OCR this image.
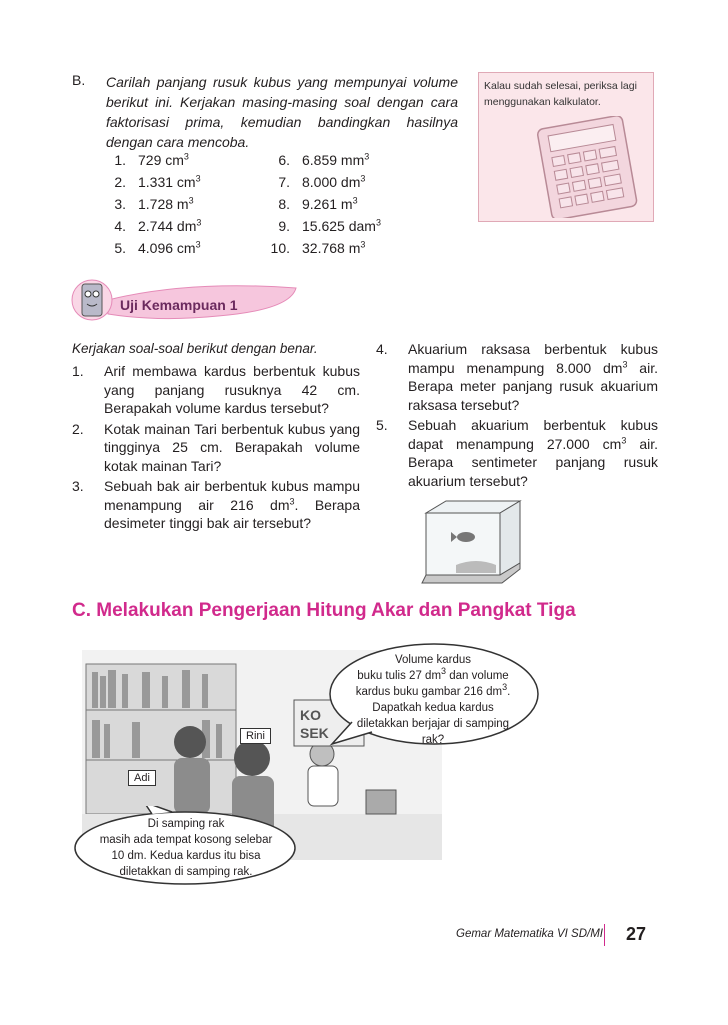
B.	Carilah panjang rusuk kubus yang mempunyai volume berikut ini. Kerjakan masing-masing soal dengan cara faktorisasi prima, kemudian bandingkan hasilnya dengan cara mencoba.
1. 729 $cm^3$
2. 1.331 $cm^3$
3. 1.728 $m^3$
4. 2.744 $dm^3$
5. 4.096 $cm^3$
6. 6.859 $mm^3$
7. 8.000 $dm^3$
8. 9.261 $m^3$
9. 15.625 dam$^3$
10. 32.768 $m^3$
Kalau sudah selesai, periksa lagi menggunakan kalkulator.
Uji Kemampuan 1
Kerjakan soal-soal berikut dengan benar.
1. Arif membawa kardus berbentuk kubus yang panjang rusuknya 42 cm. Berapakah volume kardus tersebut?
2. Kotak mainan Tari berbentuk kubus yang tingginya 25 cm. Berapakah volume kotak mainan Tari?
3. Sebuah bak air berbentuk kubus mampu menampung air 216 $dm^3$. Berapa desimeter tinggi bak air tersebut?
4. Akuarium raksasa berbentuk kubus mampu menampung 8.000 $dm^3$ air. Berapa meter panjang rusuk akuarium raksasa tersebut?
5. Sebuah akuarium berbentuk kubus dapat menampung 27.000 $cm^3$ air. Berapa sentimeter panjang rusuk akuarium tersebut?
C. Melakukan Pengerjaan Hitung Akar dan Pangkat Tiga
KO
SEK
Rini
Adi
Volume kardus
buku tulis 27 $dm^3$ dan volume
kardus buku gambar 216 $dm^3$.
Dapatkah kedua kardus
diletakkan berjajar di samping
rak?
Di samping rak
masih ada tempat kosong selebar
10 dm. Kedua kardus itu bisa
diletakkan di samping rak.
Gemar Matematika VI SD/MI	27
